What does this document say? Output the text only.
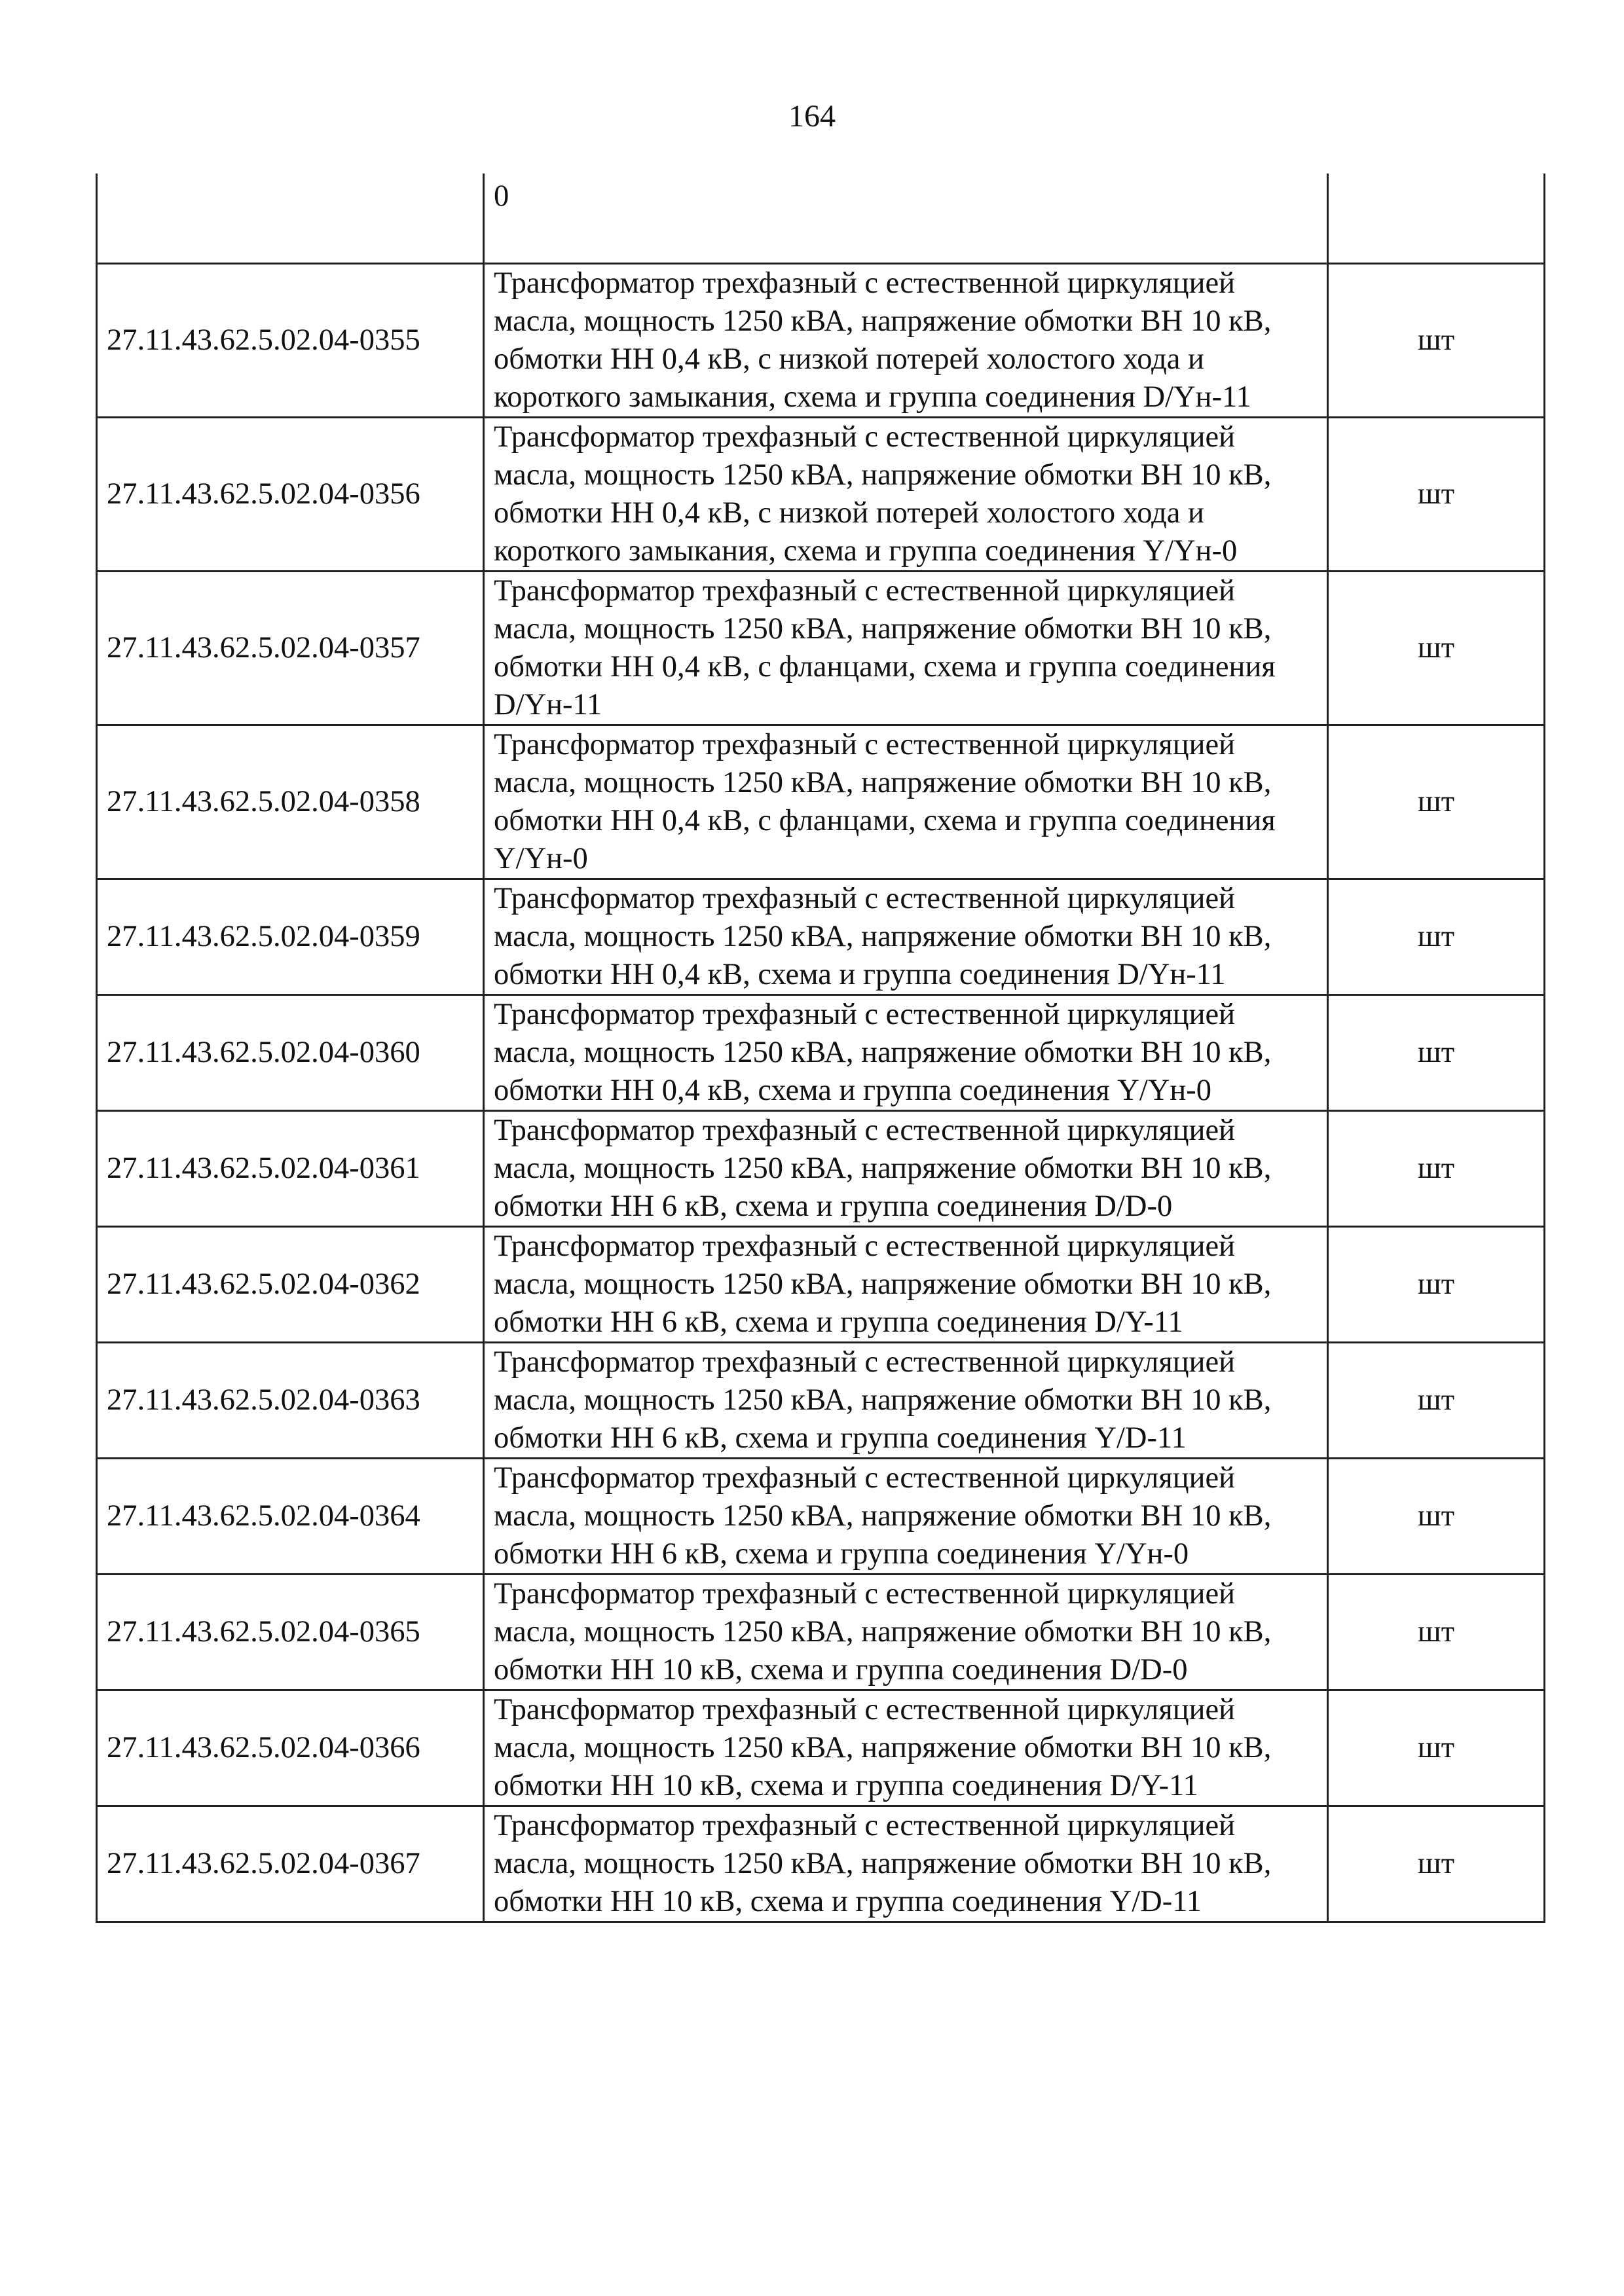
164
	0	
27.11.43.62.5.02.04-0355	Трансформатор трехфазный с естественной циркуляцией масла, мощность 1250 кВА, напряжение обмотки ВН 10 кВ, обмотки НН 0,4 кВ, с низкой потерей холостого хода и короткого замыкания, схема и группа соединения D/Yн-11	шт
27.11.43.62.5.02.04-0356	Трансформатор трехфазный с естественной циркуляцией масла, мощность 1250 кВА, напряжение обмотки ВН 10 кВ, обмотки НН 0,4 кВ, с низкой потерей холостого хода и короткого замыкания, схема и группа соединения Y/Yн-0	шт
27.11.43.62.5.02.04-0357	Трансформатор трехфазный с естественной циркуляцией масла, мощность 1250 кВА, напряжение обмотки ВН 10 кВ, обмотки НН 0,4 кВ, с фланцами, схема и группа соединения D/Yн-11	шт
27.11.43.62.5.02.04-0358	Трансформатор трехфазный с естественной циркуляцией масла, мощность 1250 кВА, напряжение обмотки ВН 10 кВ, обмотки НН 0,4 кВ, с фланцами, схема и группа соединения Y/Yн-0	шт
27.11.43.62.5.02.04-0359	Трансформатор трехфазный с естественной циркуляцией масла, мощность 1250 кВА, напряжение обмотки ВН 10 кВ, обмотки НН 0,4 кВ, схема и группа соединения D/Yн-11	шт
27.11.43.62.5.02.04-0360	Трансформатор трехфазный с естественной циркуляцией масла, мощность 1250 кВА, напряжение обмотки ВН 10 кВ, обмотки НН 0,4 кВ, схема и группа соединения Y/Yн-0	шт
27.11.43.62.5.02.04-0361	Трансформатор трехфазный с естественной циркуляцией масла, мощность 1250 кВА, напряжение обмотки ВН 10 кВ, обмотки НН 6 кВ, схема и группа соединения D/D-0	шт
27.11.43.62.5.02.04-0362	Трансформатор трехфазный с естественной циркуляцией масла, мощность 1250 кВА, напряжение обмотки ВН 10 кВ, обмотки НН 6 кВ, схема и группа соединения D/Y-11	шт
27.11.43.62.5.02.04-0363	Трансформатор трехфазный с естественной циркуляцией масла, мощность 1250 кВА, напряжение обмотки ВН 10 кВ, обмотки НН 6 кВ, схема и группа соединения Y/D-11	шт
27.11.43.62.5.02.04-0364	Трансформатор трехфазный с естественной циркуляцией масла, мощность 1250 кВА, напряжение обмотки ВН 10 кВ, обмотки НН 6 кВ, схема и группа соединения Y/Yн-0	шт
27.11.43.62.5.02.04-0365	Трансформатор трехфазный с естественной циркуляцией масла, мощность 1250 кВА, напряжение обмотки ВН 10 кВ, обмотки НН 10 кВ, схема и группа соединения D/D-0	шт
27.11.43.62.5.02.04-0366	Трансформатор трехфазный с естественной циркуляцией масла, мощность 1250 кВА, напряжение обмотки ВН 10 кВ, обмотки НН 10 кВ, схема и группа соединения D/Y-11	шт
27.11.43.62.5.02.04-0367	Трансформатор трехфазный с естественной циркуляцией масла, мощность 1250 кВА, напряжение обмотки ВН 10 кВ, обмотки НН 10 кВ, схема и группа соединения Y/D-11	шт
